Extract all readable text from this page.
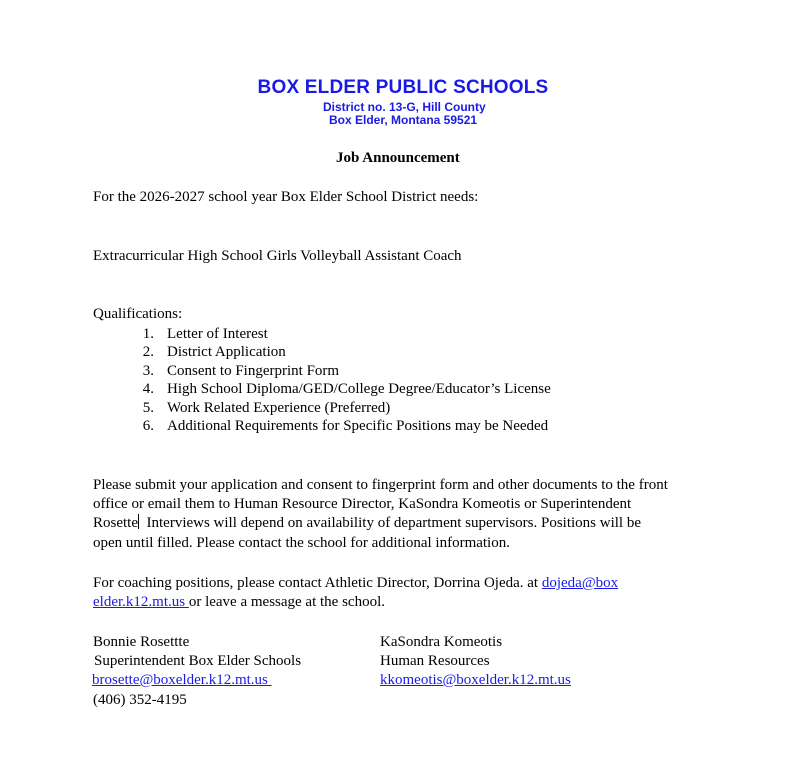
BOX ELDER PUBLIC SCHOOLS
District no. 13-G, Hill County
Box Elder, Montana 59521
Job Announcement
For the 2026-2027 school year Box Elder School District needs:
Extracurricular High School Girls Volleyball Assistant Coach
Qualifications:
1. Letter of Interest
2. District Application
3. Consent to Fingerprint Form
4. High School Diploma/GED/College Degree/Educator’s License
5. Work Related Experience (Preferred)
6. Additional Requirements for Specific Positions may be Needed
Please submit your application and consent to fingerprint form and other documents to the front
office or email them to Human Resource Director, KaSondra Komeotis or Superintendent
Rosette  Interviews will depend on availability of department supervisors. Positions will be
open until filled. Please contact the school for additional information.
For coaching positions, please contact Athletic Director, Dorrina Ojeda. at dojeda@box
elder.k12.mt.us or leave a message at the school.
Bonnie Rosettte
Superintendent Box Elder Schools
brosette@boxelder.k12.mt.us
(406) 352-4195
KaSondra Komeotis
Human Resources
kkomeotis@boxelder.k12.mt.us
